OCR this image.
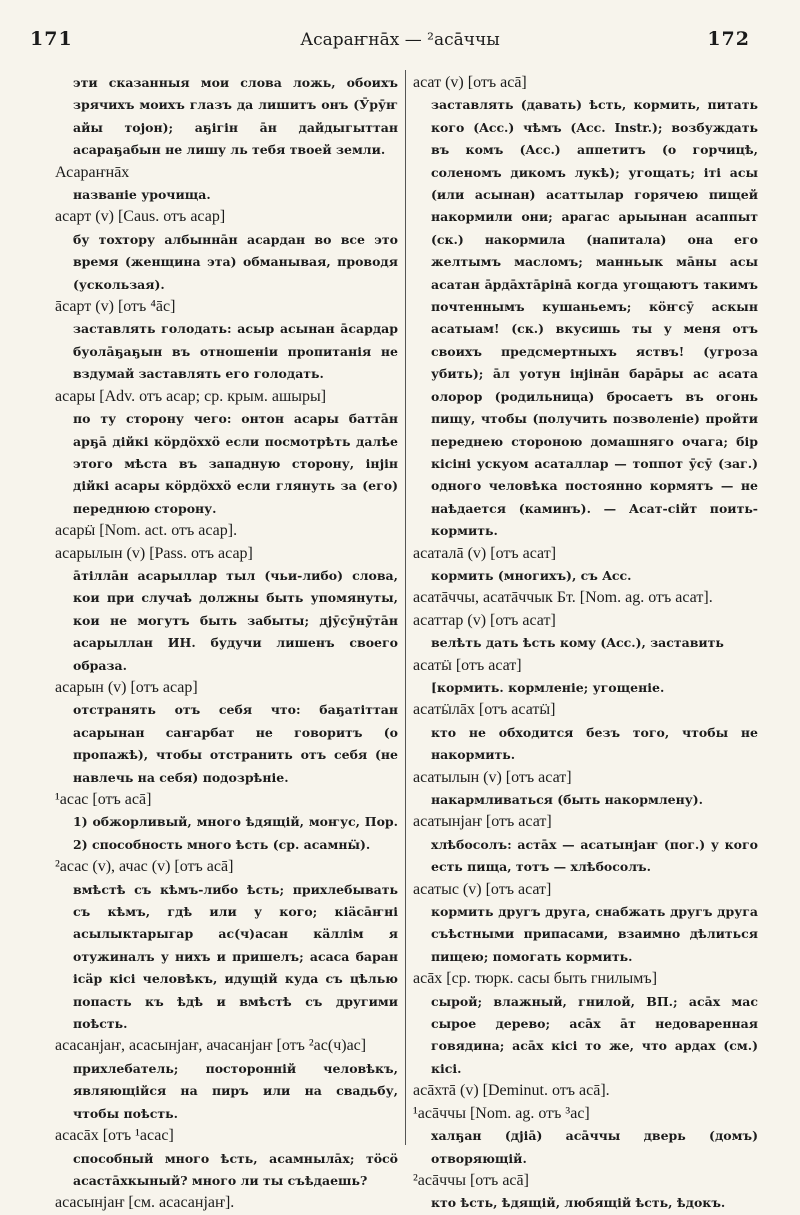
171	Асараҥнāх — ²асāччы	172
эти сказанныя мои слова ложь, обоихъ зрячихъ моихъ глазъ да лишитъ онъ (Ӯрӯҥ айы тојон); аҕігін āн дайдыгыттан асараҕабын не лишу ль тебя твоей земли.
Асараҥнāх
названіе урочища.
асарт (v) [Caus. отъ асар]
бу тохтору албыннāн асардан во все это время (женщина эта) обманывая, проводя (ускользая).
āсарт (v) [отъ ⁴āс]
заставлять голодать: асыр асынан āсардар буолāҕаҕын въ отношеніи пропитанія не вздумай заставлять его голодать.
асары [Adv. отъ асар; ср. крым. ашыры]
по ту сторону чего: онтон асары баттāн арҕā дійкі кöрдöххö если посмотрѣть далѣе этого мѣста въ западную сторону, інјін дійкі асары кöрдöххö если глянуть за (его) переднюю сторону.
асарӹ [Nom. act. отъ асар].
асарылын (v) [Pass. отъ асар]
āтіллāн асарыллар тыл (чьи-либо) слова, кои при случаѣ должны быть упомянуты, кои не могутъ быть забыты; дјӯсӯнӯтāн асарыллан ИН. будучи лишенъ своего образа.
асарын (v) [отъ асар]
отстранять отъ себя что: баҕатіттан асарынан саҥарбат не говоритъ (о пропажѣ), чтобы отстранить отъ себя (не навлечь на себя) подозрѣніе.
¹асас [отъ асā]
1) обжорливый, много ѣдящій, моҥус, Пор. 2) способность много ѣсть (ср. асамнӹ).
²асас (v), ачас (v) [отъ асā]
вмѣстѣ съ кѣмъ-либо ѣсть; прихлебывать съ кѣмъ, гдѣ или у кого; кіäсāҥні асылыктарыгар ас(ч)асан кäллім я отужиналъ у нихъ и пришелъ; асаса баран ісäр кісі человѣкъ, идущій куда съ цѣлью попасть къ ѣдѣ и вмѣстѣ съ другими поѣсть.
асасанјаҥ, асасынјаҥ, ачасанјаҥ [отъ ²ас(ч)ас]
прихлебатель; посторонній человѣкъ, являющійся на пиръ или на свадьбу, чтобы поѣсть.
асасāх [отъ ¹асас]
способный много ѣсть, асамнылāх; тöсö асастāхкыный? много ли ты съѣдаешь?
асасынјаҥ [см. асасанјаҥ].
асат (v) [отъ асā]
заставлять (давать) ѣсть, кормить, питать кого (Acc.) чѣмъ (Acc. Instr.); возбуждать въ комъ (Acc.) аппетитъ (о горчицѣ, соленомъ дикомъ лукѣ); угощать; іті асы (или асынан) асаттылар горячею пищей накормили они; арагас арыынан асаппыт (ск.) накормила (напитала) она его желтымъ масломъ; манньык мāны асы асатан āрдāхтāрінā когда угощаютъ такимъ почтеннымъ кушаньемъ; кöҥсӯ аскын асатыам! (ск.) вкусишь ты у меня отъ своихъ предсмертныхъ яствъ! (угроза убить); āл уотун інјінāн барāры ас асата олорор (родильница) бросаетъ въ огонь пищу, чтобы (получить позволеніе) пройти переднею стороною домашняго очага; бір кісіні ускуом асаталлар — топпот ӯсӯ (заг.) одного человѣка постоянно кормятъ — не наѣдается (каминъ). — Асат-сійт поить-кормить.
асаталā (v) [отъ асат]
кормить (многихъ), съ Acc.
асатāччы, асатāччык Бт. [Nom. ag. отъ асат].
асаттар (v) [отъ асат]
велѣть дать ѣсть кому (Acc.), заставить
асатӹ [отъ асат]
[кормить. кормленіе; угощеніе.
асатӹлāх [отъ асатӹ]
кто не обходится безъ того, чтобы не накормить.
асатылын (v) [отъ асат]
накармливаться (быть накормлену).
асатынјаҥ [отъ асат]
хлѣбосолъ: астāх — асатынјаҥ (пог.) у кого есть пища, тотъ — хлѣбосолъ.
асатыс (v) [отъ асат]
кормить другъ друга, снабжать другъ друга съѣстными припасами, взаимно дѣлиться пищею; помогать кормить.
асāх [ср. тюрк. сасы быть гнилымъ]
сырой; влажный, гнилой, ВП.; асāх мас сырое дерево; асāх āт недоваренная говядина; асāх кісі то же, что ардах (см.) кісі.
асāхтā (v) [Deminut. отъ асā].
¹асāччы [Nom. ag. отъ ³ас]
халҕан (дјіā) асāччы дверь (домъ) отворяющій.
²асāччы [отъ асā]
кто ѣсть, ѣдящій, любящій ѣсть, ѣдокъ.
